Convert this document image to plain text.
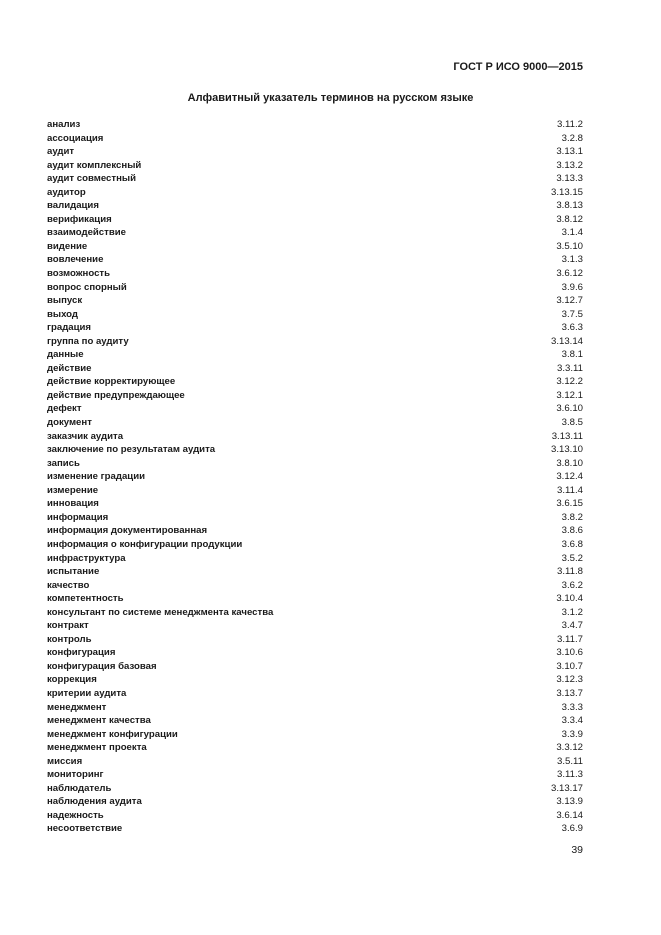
ГОСТ Р ИСО 9000—2015
Алфавитный указатель терминов на русском языке
анализ	3.11.2
ассоциация	3.2.8
аудит	3.13.1
аудит комплексный	3.13.2
аудит совместный	3.13.3
аудитор	3.13.15
валидация	3.8.13
верификация	3.8.12
взаимодействие	3.1.4
видение	3.5.10
вовлечение	3.1.3
возможность	3.6.12
вопрос спорный	3.9.6
выпуск	3.12.7
выход	3.7.5
градация	3.6.3
группа по аудиту	3.13.14
данные	3.8.1
действие	3.3.11
действие корректирующее	3.12.2
действие предупреждающее	3.12.1
дефект	3.6.10
документ	3.8.5
заказчик аудита	3.13.11
заключение по результатам аудита	3.13.10
запись	3.8.10
изменение градации	3.12.4
измерение	3.11.4
инновация	3.6.15
информация	3.8.2
информация документированная	3.8.6
информация о конфигурации продукции	3.6.8
инфраструктура	3.5.2
испытание	3.11.8
качество	3.6.2
компетентность	3.10.4
консультант по системе менеджмента качества	3.1.2
контракт	3.4.7
контроль	3.11.7
конфигурация	3.10.6
конфигурация базовая	3.10.7
коррекция	3.12.3
критерии аудита	3.13.7
менеджмент	3.3.3
менеджмент качества	3.3.4
менеджмент конфигурации	3.3.9
менеджмент проекта	3.3.12
миссия	3.5.11
мониторинг	3.11.3
наблюдатель	3.13.17
наблюдения аудита	3.13.9
надежность	3.6.14
несоответствие	3.6.9
39
